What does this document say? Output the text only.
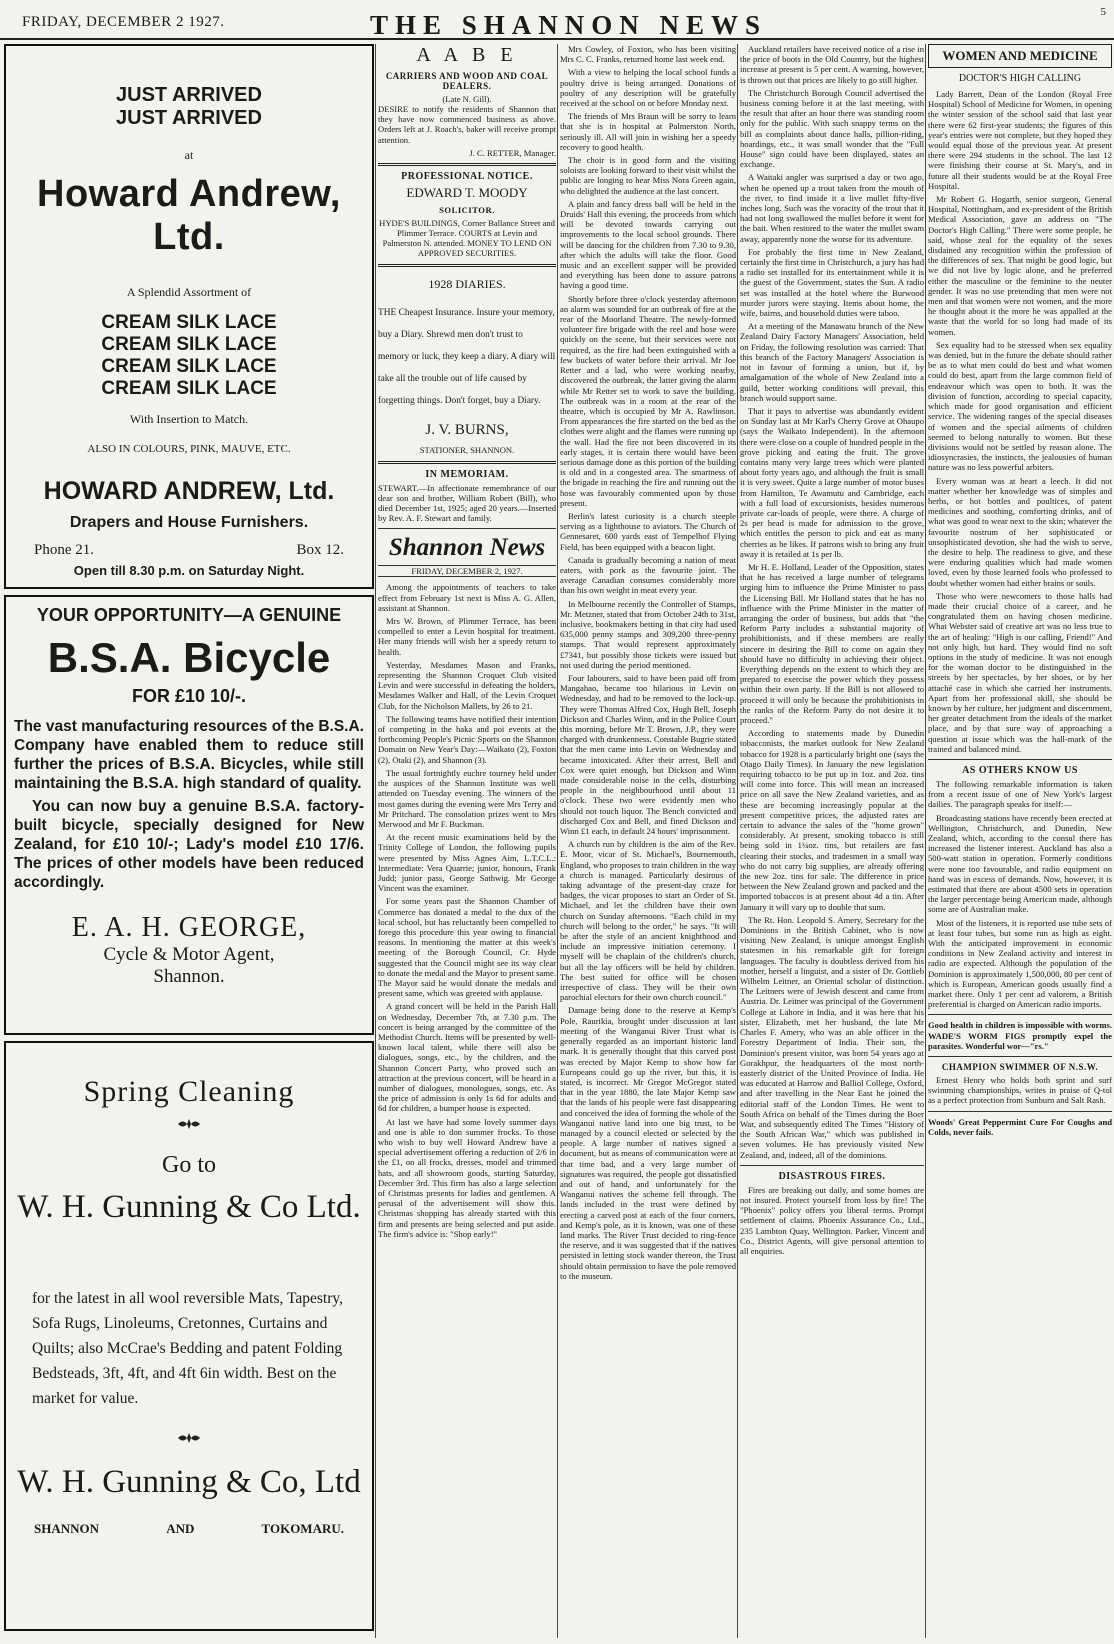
FRIDAY, DECEMBER 2 1927.	THE SHANNON NEWS	5
JUST ARRIVED
JUST ARRIVED
at
Howard Andrew, Ltd.
A Splendid Assortment of
CREAM SILK LACE
CREAM SILK LACE
CREAM SILK LACE
CREAM SILK LACE
With Insertion to Match.
ALSO IN COLOURS, PINK, MAUVE, ETC.
HOWARD ANDREW, Ltd.
Drapers and House Furnishers.
Phone 21.	Box 12.
Open till 8.30 p.m. on Saturday Night.
YOUR OPPORTUNITY—A GENUINE
B.S.A. Bicycle
FOR £10 10/-.
The vast manufacturing resources of the B.S.A. Company have enabled them to reduce still further the prices of B.S.A. Bicycles, while still maintaining the B.S.A. high standard of quality.
You can now buy a genuine B.S.A. factory-built bicycle, specially designed for New Zealand, for £10 10/-; Lady's model £10 17/6. The prices of other models have been reduced accordingly.
E. A. H. GEORGE,
Cycle & Motor Agent,
Shannon.
Spring Cleaning
Go to
W. H. Gunning & Co Ltd.
for the latest in all wool reversible Mats, Tapestry, Sofa Rugs, Linoleums, Cretonnes, Curtains and Quilts; also McCrae's Bedding and patent Folding Bedsteads, 3ft, 4ft, and 4ft 6in width. Best on the market for value.
W. H. Gunning & Co, Ltd
SHANNON	AND	TOKOMARU.
A A B E
CARRIERS AND WOOD AND COAL DEALERS.
(Late N. Gill).

DESIRE to notify the residents of Shannon that they have now commenced business as above. Orders left at J. Roach's, baker will receive prompt attention.

J. C. RETTER, Manager.
PROFESSIONAL NOTICE.
EDWARD T. MOODY
SOLICITOR.

HYDE'S BUILDINGS, Corner Ballance Street and Plimmer Terrace. COURTS at Levin and Palmerston N. attended. MONEY TO LEND ON APPROVED SECURITIES.

1928 DIARIES.

THE Cheapest Insurance. Insure your memory, buy a Diary. Shrewd men don't trust to memory or luck, they keep a diary. A diary will take all the trouble out of life caused by forgetting things. Don't forget, buy a Diary.

J. V. BURNS,
STATIONER, SHANNON.
IN MEMORIAM.

STEWART.—In affectionate remembrance of our dear son and brother, William Robert (Bill), who died December 1st, 1925; aged 20 years.—Inserted by Rev. A. F. Stewart and family.

Shannon News
FRIDAY, DECEMBER 2, 1927.

Among the appointments of teachers to take effect from February 1st next is Miss A. G. Allen, assistant at Shannon.

Mrs W. Brown, of Plimmer Terrace, has been compelled to enter a Levin hospital for treatment. Her many friends will wish her a speedy return to health.

Yesterday, Mesdames Mason and Franks, representing the Shannon Croquet Club visited Levin and were successful in defeating the holders, Mesdames Walker and Hall, of the Levin Croquet Club, for the Nicholson Mallets, by 26 to 21.

The following teams have notified their intention of competing in the haka and poi events at the forthcoming People's Picnic Sports on the Shannon Domain on New Year's Day:—Waikato (2), Foxton (2), Otaki (2), and Shannon (3).

The usual fortnightly euchre tourney held under the auspices of the Shannon Institute was well attended on Tuesday evening. The winners of the most games during the evening were Mrs Terry and Mr Pritchard. The consolation prizes went to Mrs Merwood and Mr F. Buckman.

At the recent music examinations held by the Trinity College of London, the following pupils were presented by Miss Agnes Aim, L.T.C.L.: Intermediate: Vera Quarrie; junior, honours, Frank Judd; junior pass, George Sathwig. Mr George Vincent was the examiner.

For some years past the Shannon Chamber of Commerce has donated a medal to the dux of the local school, but has reluctantly been compelled to forego this procedure this year owing to financial reasons. In mentioning the matter at this week's meeting of the Borough Council, Cr. Hyde suggested that the Council might see its way clear to donate the medal and the Mayor to present same. The Mayor said he would donate the medals and present same, which was greeted with applause.

A grand concert will be held in the Parish Hall on Wednesday, December 7th, at 7.30 p.m. The concert is being arranged by the committee of the Methodist Church. Items will be presented by well-known local talent, while there will also be dialogues, songs, etc., by the children, and the Shannon Concert Party, who proved such an attraction at the previous concert, will be heard in a number of dialogues, monologues, songs, etc. As the price of admission is only 1s 6d for adults and 6d for children, a bumper house is expected.

At last we have had some lovely summer days and one is able to don summer frocks. To those who wish to buy well Howard Andrew have a special advertisement offering a reduction of 2/6 in the £1, on all frocks, dresses, model and trimmed hats, and all showroom goods, starting Saturday, December 3rd. This firm has also a large selection of Christmas presents for ladies and gentlemen. A perusal of the advertisement will show this. Christmas shopping has already started with this firm and presents are being selected and put aside. The firm's advice is: "Shop early!"

Mrs Cowley, of Foxton, who has been visiting Mrs C. C. Franks, returned home last week end.

With a view to helping the local school funds a poultry drive is being arranged. Donations of poultry of any description will be gratefully received at the school on or before Monday next.

The friends of Mrs Braun will be sorry to learn that she is in hospital at Palmerston North, seriously ill. All will join in wishing her a speedy recovery to good health.

The choir is in good form and the visiting soloists are looking forward to their visit whilst the public are longing to hear Miss Nora Green again, who delighted the audience at the last concert.

A plain and fancy dress ball will be held in the Druids' Hall this evening, the proceeds from which will be devoted towards carrying out improvements to the local school grounds. There will be dancing for the children from 7.30 to 9.30, after which the adults will take the floor. Good music and an excellent supper will be provided and everything has been done to assure patrons having a good time.

Shortly before three o'clock yesterday afternoon an alarm was sounded for an outbreak of fire at the rear of the Moorland Theatre. The newly-formed volunteer fire brigade with the reel and hose were quickly on the scene, but their services were not required, as the fire had been extinguished with a few buckets of water before their arrival. Mr Joe Retter and a lad, who were working nearby, discovered the outbreak, the latter giving the alarm while Mr Retter set to work to save the building. The outbreak was in a room at the rear of the theatre, which is occupied by Mr A. Rawlinson. From appearances the fire started on the bed as the clothes were alight and the flames were running up the wall. Had the fire not been discovered in its early stages, it is certain there would have been serious damage done as this portion of the building is old and in a congested area. The smartness of the brigade in reaching the fire and running out the hose was favourably commented upon by those present.

Berlin's latest curiosity is a church steeple serving as a lighthouse to aviators. The Church of Gennesaret, 600 yards east of Tempelhof Flying Field, has been equipped with a beacon light.

Canada is gradually becoming a nation of meat eaters, with pork as the favourite joint. The average Canadian consumes considerably more than his own weight in meat every year.

In Melbourne recently the Controller of Stamps, Mr. Metzner, stated that from October 24th to 31st, inclusive, bookmakers betting in that city had used 635,000 penny stamps and 309,200 three-penny stamps. That would represent approximately £7341, but possibly those tickets were issued but not used during the period mentioned.

Four labourers, said to have been paid off from Mangahao, became too hilarious in Levin on Wednesday, and had to be removed to the lock-up. They were Thomas Alfred Cox, Hugh Bell, Joseph Dickson and Charles Winn, and in the Police Court this morning, before Mr T. Brown, J.P., they were charged with drunkenness. Constable Bugrie stated that the men came into Levin on Wednesday and became intoxicated. After their arrest, Bell and Cox were quiet enough, but Dickson and Winn made considerable noise in the cells, disturbing people in the neighbourhood until about 11 o'clock. These two were evidently men who should not touch liquor. The Bench convicted and discharged Cox and Bell, and fined Dickson and Winn £1 each, in default 24 hours' imprisonment.

A church run by children is the aim of the Rev. E. Moor, vicar of St. Michael's, Bournemouth, England, who proposes to train children in the way a church is managed. Particularly desirous of taking advantage of the present-day craze for badges, the vicar proposes to start an Order of St. Michael, and let the children have their own church on Sunday afternoons. "Each child in my church will belong to the order," he says. "It will be after the style of an ancient knighthood and include an impressive initiation ceremony. I myself will be chaplain of the children's church, but all the lay officers will be held by children. The best suited for office will be chosen irrespective of class. They will be their own parochial electors for their own church council."

Damage being done to the reserve at Kemp's Pole, Raurikia, brought under discussion at last meeting of the Wanganui River Trust what is generally regarded as an important historic land mark. It is generally thought that this carved post was erected by Major Kemp to show how far Europeans could go up the river, but this, it is stated, is incorrect. Mr Gregor McGregor stated that in the year 1880, the late Major Kemp saw that the lands of his people were fast disappearing and conceived the idea of forming the whole of the Wanganui native land into one big trust, to be managed by a council elected or selected by the people. A large number of natives signed a document, but as means of communication were at that time bad, and a very large number of signatures was required, the people got dissatisfied and out of hand, and unfortunately for the Wanganui natives the scheme fell through. The lands included in the trust were defined by erecting a carved post at each of the four corners, and Kemp's pole, as it is known, was one of these land marks. The River Trust decided to ring-fence the reserve, and it was suggested that if the natives persisted in letting stock wander thereon, the Trust should obtain permission to have the pole removed to the museum.

Auckland retailers have received notice of a rise in the price of boots in the Old Country, but the highest increase at present is 5 per cent. A warning, however, is thrown out that prices are likely to go still higher.

The Christchurch Borough Council advertised the business coming before it at the last meeting, with the result that after an hour there was standing room only for the public. With such snappy terms on the bill as complaints about dance halls, pillion-riding, hoardings, etc., it was small wonder that the "Full House" sign could have been displayed, states an exchange.

A Waitaki angler was surprised a day or two ago, when he opened up a trout taken from the mouth of the river, to find inside it a live mullet fifty-five inches long. Such was the voracity of the trout that it had not long swallowed the mullet before it went for the bait. When restored to the water the mullet swam away, apparently none the worse for its adventure.

For probably the first time in New Zealand, certainly the first time in Christchurch, a jury has had a radio set installed for its entertainment while it is the guest of the Government, states the Sun. A radio set was installed at the hotel where the Burwood murder jurors were staying. Items about home, the wife, bairns, and household duties were taboo.

At a meeting of the Manawatu branch of the New Zealand Dairy Factory Managers' Association, held on Friday, the following resolution was carried: That this branch of the Factory Managers' Association is not in favour of forming a union, but if, by amalgamation of the whole of New Zealand into a guild, better working conditions will prevail, this branch would support same.

That it pays to advertise was abundantly evident on Sunday last at Mr Karl's Cherry Grove at Ohaupo (says the Waikato Independent). In the afternoon there were close on a couple of hundred people in the grove picking and eating the fruit. The grove contains many very large trees which were planted about forty years ago, and although the fruit is small it is very sweet. Quite a large number of motor buses from Hamilton, Te Awamutu and Cambridge, each with a full load of excursionists, besides numerous private car-loads of people, were there. A charge of 2s per head is made for admission to the grove, which entitles the person to pick and eat as many cherries as he likes. If patrons wish to bring any fruit away it is retailed at 1s per lb.

Mr H. E. Holland, Leader of the Opposition, states that he has received a large number of telegrams urging him to influence the Prime Minister to pass the Licensing Bill. Mr Holland states that he has no influence with the Prime Minister in the matter of arranging the order of business, but adds that "the Reform Party includes a substantial majority of prohibitionists, and if these members are really sincere in desiring the Bill to come on again they should have no difficulty in achieving their object. Everything depends on the extent to which they are prepared to exercise the power which they possess within their own party. If the Bill is not allowed to proceed it will only be because the prohibitionists in the ranks of the Reform Party do not desire it to proceed."

According to statements made by Dunedin tobacconists, the market outlook for New Zealand tobacco for 1928 is a particularly bright one (says the Otago Daily Times). In January the new legislation requiring tobacco to be put up in 1oz. and 2oz. tins will come into force. This will mean an increased price on all save the New Zealand varieties, and as these are becoming increasingly popular at the present competitive prices, the adjusted rates are certain to advance the sales of the "home grown" considerably. At present, smoking tobacco is still being sold in 1¼oz. tins, but retailers are fast clearing their stocks, and tradesmen in a small way who do not carry big supplies, are already offering the new 2oz. tins for sale. The difference in price between the New Zealand grown and packed and the imported tobaccos is at present about 4d a tin. After January it will vary up to double that sum.

The Rt. Hon. Leopold S. Amery, Secretary for the Dominions in the British Cabinet, who is now visiting New Zealand, is unique amongst English statesmen in his remarkable gift for foreign languages. The faculty is doubtless derived from his mother, herself a linguist, and a sister of Dr. Gottlieb Wilhelm Leitner, an Oriental scholar of distinction. The Leitners were of Jewish descent and came from Austria. Dr. Leitner was principal of the Government College at Lahore in India, and it was here that his sister, Elizabeth, met her husband, the late Mr Charles F. Amery, who was an able officer in the Forestry Department of India. Their son, the Dominion's present visitor, was born 54 years ago at Gorakhpur, the headquarters of the most north-easterly district of the United Province of India. He was educated at Harrow and Balliol College, Oxford, and after travelling in the Near East he joined the editorial staff of the London Times. He went to South Africa on behalf of the Times during the Boer War, and subsequently edited The Times "History of the South African War," which was published in seven volumes. He has previously visited New Zealand, and, indeed, all of the dominions.

DISASTROUS FIRES.

Fires are breaking out daily, and some homes are not insured. Protect yourself from loss by fire! The "Phoenix" policy offers you liberal terms. Prompt settlement of claims. Phoenix Assurance Co., Ltd., 235 Lambton Quay, Wellington. Parker, Vincent and Co., District Agents, will give personal attention to all enquiries.

WOMEN AND MEDICINE
DOCTOR'S HIGH CALLING

Lady Barrett, Dean of the London (Royal Free Hospital) School of Medicine for Women, in opening the winter session of the school said that last year there were 62 first-year students; the figures of this year's entries were not complete, but they hoped they would equal those of the previous year. At present there were 294 students in the school. The last 12 were finishing their course at St. Mary's, and in future all their students would be at the Royal Free Hospital.

Mr Robert G. Hogarth, senior surgeon, General Hospital, Nottingham, and ex-president of the British Medical Association, gave an address on "The Doctor's High Calling." There were some people, he said, whose zeal for the equality of the sexes disdained any recognition within the profession of the differences of sex. That might be good logic, but we did not live by logic alone, and he preferred either the masculine or the feminine to the neuter gender. It was no use pretending that men were not men and that women were not women, and the more he thought about it the more he was appalled at the waste that the world for so long had made of its women.

Sex equality had to be stressed when sex equality was denied, but in the future the debate should rather be as to what men could do best and what women could do best, apart from the large common field of endeavour which was open to both. It was the division of function, according to special capacity, which made for good organisation and efficient service. The widening ranges of the special diseases of women and the special ailments of children seemed to belong naturally to women. But these divisions would not be settled by reason alone. The idiosyncrasies, the instincts, the jealousies of human nature was no less powerful arbiters.

Every woman was at heart a leech. It did not matter whether her knowledge was of simples and herbs, or hot bottles and poultices, of patent medicines and soothing, comforting drinks, and of what was good to wear next to the skin; whatever the favourite nostrum of her sophisticated or unsophisticated devotion, she had the wish to serve, the desire to help. The readiness to give, and these were enduring qualities which had made women loved, even by those learned fools who professed to doubt whether women had either brains or souls.

Those who were newcomers to those halls had made their crucial choice of a career, and he congratulated them on having chosen medicine. What Webster said of creative art was no less true to the art of healing: "High is our calling, Friend!" And not only high, but hard. They would find no soft options in the study of medicine. It was not enough for the woman doctor to be distinguished in the streets by her spectacles, by her shoes, or by her attaché case in which she carried her instruments. Apart from her professional skill, she should be known by her culture, her judgment and discernment, her greater detachment from the ideals of the market place, and by that sure way of approaching a question at issue which was the hall-mark of the trained and balanced mind.

AS OTHERS KNOW US

The following remarkable information is taken from a recent issue of one of New York's largest dailies. The paragraph speaks for itself:—

Broadcasting stations have recently been erected at Wellington, Christchurch, and Dunedin, New Zealand, which, according to the consul there has increased the listener interest. Auckland has also a 500-watt station in operation. Formerly conditions were none too favourable, and radio equipment on hand was in excess of demands. Now, however, it is estimated that there are about 4500 sets in operation the larger percentage being American made, although some are of Australian make.

Most of the listeners, it is reported use tube sets of at least four tubes, but some run as high as eight. With the anticipated improvement in economic conditions in New Zealand activity and interest in radio are expected. Although the population of the Dominion is approximately 1,500,000, 80 per cent of which is European, American goods usually find a market there. Only 1 per cent ad valorem, a British preferential is charged on American radio imports.

Good health in children is impossible with worms. WADE'S WORM FIGS promptly expel the parasites. Wonderful wor—"rs."

CHAMPION SWIMMER OF N.S.W.

Ernest Henry who holds both sprint and surf swimming championships, writes in praise of Q-tol as a perfect protection from Sunburn and Salt Rash.

Woods' Great Peppermint Cure For Coughs and Colds, never fails.
